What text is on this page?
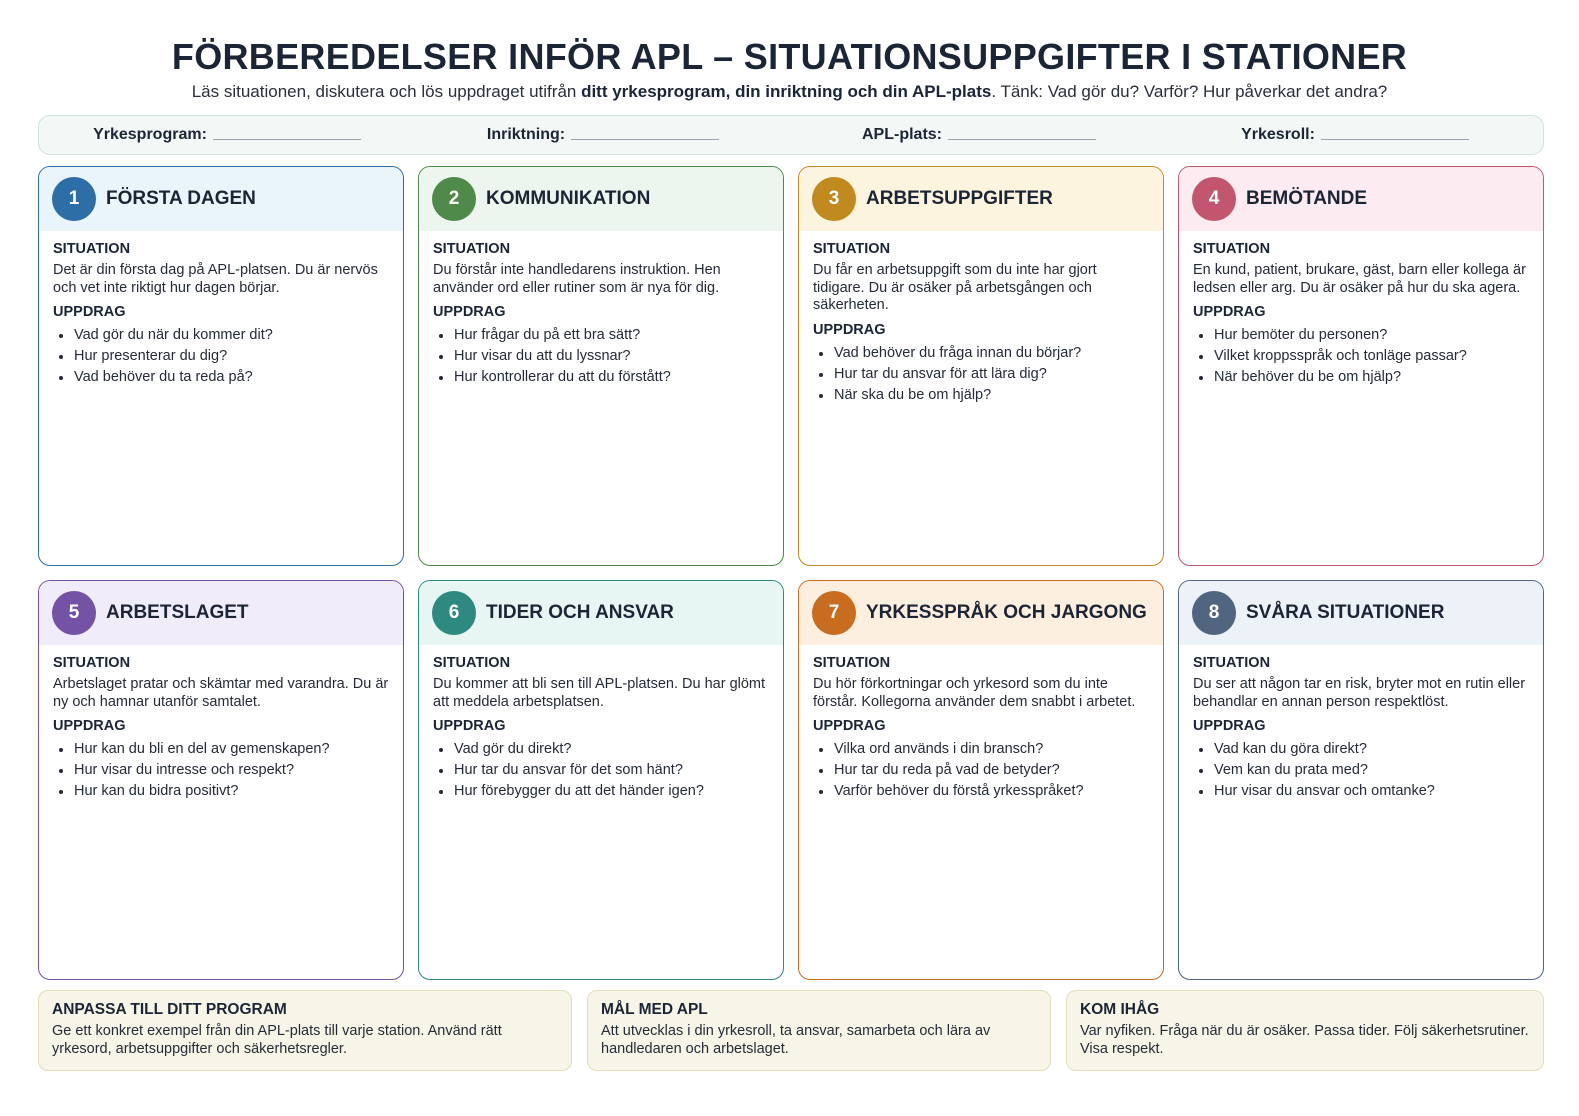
FÖRBEREDELSER INFÖR APL – SITUATIONSUPPGIFTER I STATIONER
Läs situationen, diskutera och lös uppdraget utifrån ditt yrkesprogram, din inriktning och din APL-plats. Tänk: Vad gör du? Varför? Hur påverkar det andra?
Yrkesprogram:	Inriktning:	APL-plats:	Yrkesroll:
1	FÖRSTA DAGEN
SITUATION
Det är din första dag på APL-platsen. Du är nervös och vet inte riktigt hur dagen börjar.
UPPDRAG
Vad gör du när du kommer dit?
Hur presenterar du dig?
Vad behöver du ta reda på?
2	KOMMUNIKATION
SITUATION
Du förstår inte handledarens instruktion. Hen använder ord eller rutiner som är nya för dig.
UPPDRAG
Hur frågar du på ett bra sätt?
Hur visar du att du lyssnar?
Hur kontrollerar du att du förstått?
3	ARBETSUPPGIFTER
SITUATION
Du får en arbetsuppgift som du inte har gjort tidigare. Du är osäker på arbetsgången och säkerheten.
UPPDRAG
Vad behöver du fråga innan du börjar?
Hur tar du ansvar för att lära dig?
När ska du be om hjälp?
4	BEMÖTANDE
SITUATION
En kund, patient, brukare, gäst, barn eller kollega är ledsen eller arg. Du är osäker på hur du ska agera.
UPPDRAG
Hur bemöter du personen?
Vilket kroppsspråk och tonläge passar?
När behöver du be om hjälp?
5	ARBETSLAGET
SITUATION
Arbetslaget pratar och skämtar med varandra. Du är ny och hamnar utanför samtalet.
UPPDRAG
Hur kan du bli en del av gemenskapen?
Hur visar du intresse och respekt?
Hur kan du bidra positivt?
6	TIDER OCH ANSVAR
SITUATION
Du kommer att bli sen till APL-platsen. Du har glömt att meddela arbetsplatsen.
UPPDRAG
Vad gör du direkt?
Hur tar du ansvar för det som hänt?
Hur förebygger du att det händer igen?
7	YRKESSPRÅK OCH JARGONG
SITUATION
Du hör förkortningar och yrkesord som du inte förstår. Kollegorna använder dem snabbt i arbetet.
UPPDRAG
Vilka ord används i din bransch?
Hur tar du reda på vad de betyder?
Varför behöver du förstå yrkesspråket?
8	SVÅRA SITUATIONER
SITUATION
Du ser att någon tar en risk, bryter mot en rutin eller behandlar en annan person respektlöst.
UPPDRAG
Vad kan du göra direkt?
Vem kan du prata med?
Hur visar du ansvar och omtanke?
ANPASSA TILL DITT PROGRAM
Ge ett konkret exempel från din APL-plats till varje station. Använd rätt yrkesord, arbetsuppgifter och säkerhetsregler.
MÅL MED APL
Att utvecklas i din yrkesroll, ta ansvar, samarbeta och lära av handledaren och arbetslaget.
KOM IHÅG
Var nyfiken. Fråga när du är osäker. Passa tider. Följ säkerhetsrutiner. Visa respekt.
